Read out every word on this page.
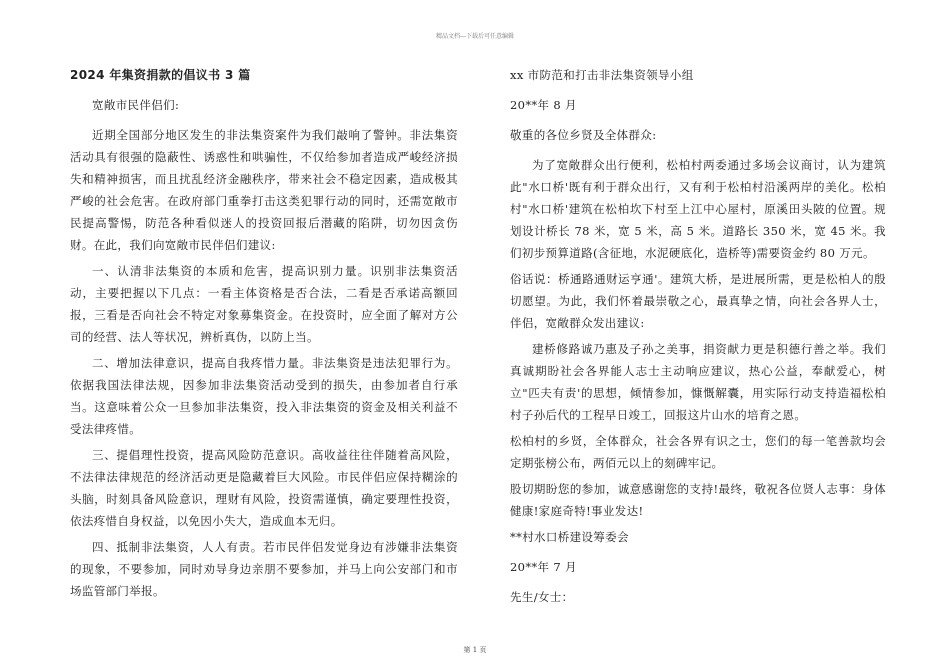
精品文档---下载后可任意编辑
2024 年集资捐款的倡议书 3 篇
宽敞市民伴侣们:

近期全国部分地区发生的非法集资案件为我们敲响了警钟。非法集资活动具有很强的隐蔽性、诱惑性和哄骗性，不仅给参加者造成严峻经济损失和精神损害，而且扰乱经济金融秩序，带来社会不稳定因素，造成极其严峻的社会危害。在政府部门重拳打击这类犯罪行动的同时，还需宽敞市民提高警惕，防范各种看似迷人的投资回报后潜藏的陷阱，切勿因贪伤财。在此，我们向宽敞市民伴侣们建议:

一、认清非法集资的本质和危害，提高识别力量。识别非法集资活动，主要把握以下几点：一看主体资格是否合法，二看是否承诺高额回报，三看是否向社会不特定对象募集资金。在投资时，应全面了解对方公司的经营、法人等状况，辨析真伪，以防上当。

二、增加法律意识，提高自我疼惜力量。非法集资是违法犯罪行为。依据我国法律法规，因参加非法集资活动受到的损失，由参加者自行承当。这意味着公众一旦参加非法集资，投入非法集资的资金及相关利益不受法律疼惜。

三、提倡理性投资，提高风险防范意识。高收益往往伴随着高风险，不法律法律规范的经济活动更是隐藏着巨大风险。市民伴侣应保持糊涂的头脑，时刻具备风险意识，理财有风险，投资需谨慎，确定要理性投资，依法疼惜自身权益，以免因小失大，造成血本无归。

四、抵制非法集资，人人有责。若市民伴侣发觉身边有涉嫌非法集资的现象，不要参加，同时劝导身边亲朋不要参加，并马上向公安部门和市场监管部门举报。

xx 市防范和打击非法集资领导小组
20**年 8 月
敬重的各位乡贤及全体群众:

为了宽敞群众出行便利，松柏村两委通过多场会议商讨，认为建筑此"水口桥'既有利于群众出行，又有利于松柏村沿溪两岸的美化。松柏村"水口桥'建筑在松柏坎下村至上江中心屋村，原溪田头陂的位置。规划设计桥长 78 米，宽 5 米，高 5 米。道路长 350 米，宽 45 米。我们初步预算道路(含征地，水泥硬底化，造桥等)需要资金约 80 万元。

俗话说：桥通路通财运亨通'。建筑大桥，是进展所需，更是松柏人的殷切愿望。为此，我们怀着最崇敬之心，最真挚之情，向社会各界人士，伴侣，宽敞群众发出建议:

建桥修路诚乃惠及子孙之美事，捐资献力更是积德行善之举。我们真诚期盼社会各界能人志士主动响应建议，热心公益，奉献爱心，树立"匹夫有责'的思想，倾情参加，慷慨解囊，用实际行动支持造福松柏村子孙后代的工程早日竣工，回报这片山水的培育之恩。

松柏村的乡贤，全体群众，社会各界有识之士，您们的每一笔善款均会定期张榜公布，两佰元以上的刻碑牢记。

股切期盼您的参加，诚意感谢您的支持!最终，敬祝各位贤人志事：身体健康!家庭奇特!事业发达!

**村水口桥建设筹委会
20**年 7 月
先生/女士：
第 1 页
